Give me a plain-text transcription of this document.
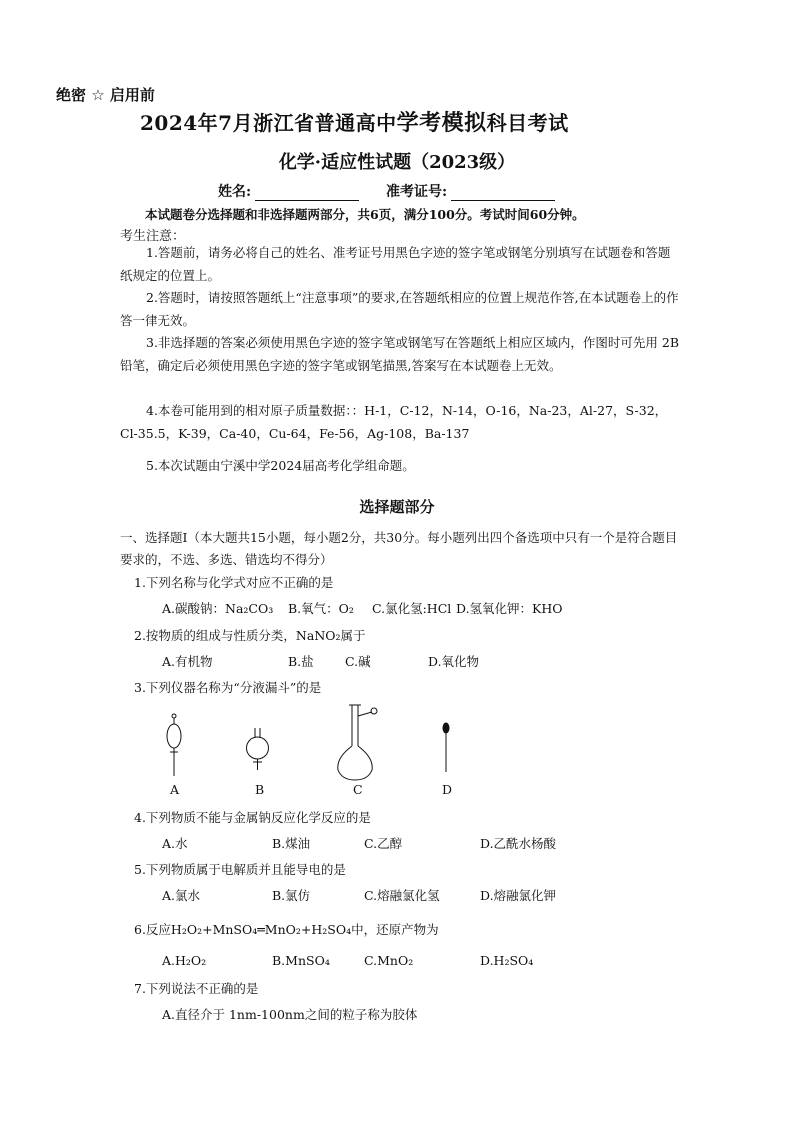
绝密 ☆ 启用前
2024年7月浙江省普通高中学考模拟科目考试
化学·适应性试题（2023级）
姓名:	准考证号:
本试题卷分选择题和非选择题两部分，共6页，满分100分。考试时间60分钟。
考生注意：
1.答题前，请务必将自己的姓名、准考证号用黑色字迹的签字笔或钢笔分别填写在试题卷和答题纸规定的位置上。
2.答题时，请按照答题纸上“注意事项”的要求,在答题纸相应的位置上规范作答,在本试题卷上的作答一律无效。
3.非选择题的答案必须使用黑色字迹的签字笔或钢笔写在答题纸上相应区域内，作图时可先用 2B 铅笔，确定后必须使用黑色字迹的签字笔或钢笔描黑,答案写在本试题卷上无效。
4.本卷可能用到的相对原子质量数据：：H-1，C-12，N-14，O-16，Na-23，Al-27，S-32，Cl-35.5，K-39，Ca-40，Cu-64，Fe-56，Ag-108，Ba-137
5.本次试题由宁溪中学2024届高考化学组命题。
选择题部分
一、选择题Ⅰ（本大题共15小题，每小题2分，共30分。每小题列出四个备选项中只有一个是符合题目要求的，不选、多选、错选均不得分）
1.下列名称与化学式对应不正确的是
A.碳酸钠：Na₂CO₃ B.氧气：O₂ C.氯化氢:HCl D.氢氧化钾：KHO
2.按物质的组成与性质分类，NaNO₂属于
A.有机物	B.盐	C.碱	D.氧化物
3.下列仪器名称为“分液漏斗”的是
A	B	C	D
4.下列物质不能与金属钠反应化学反应的是
A.水	B.煤油	C.乙醇	D.乙酰水杨酸
5.下列物质属于电解质并且能导电的是
A.氯水	B.氯仿	C.熔融氯化氢	D.熔融氯化钾
6.反应H₂O₂+MnSO₄═MnO₂+H₂SO₄中，还原产物为
A.H₂O₂	B.MnSO₄	C.MnO₂	D.H₂SO₄
7.下列说法不正确的是
A.直径介于 1nm-100nm之间的粒子称为胶体
